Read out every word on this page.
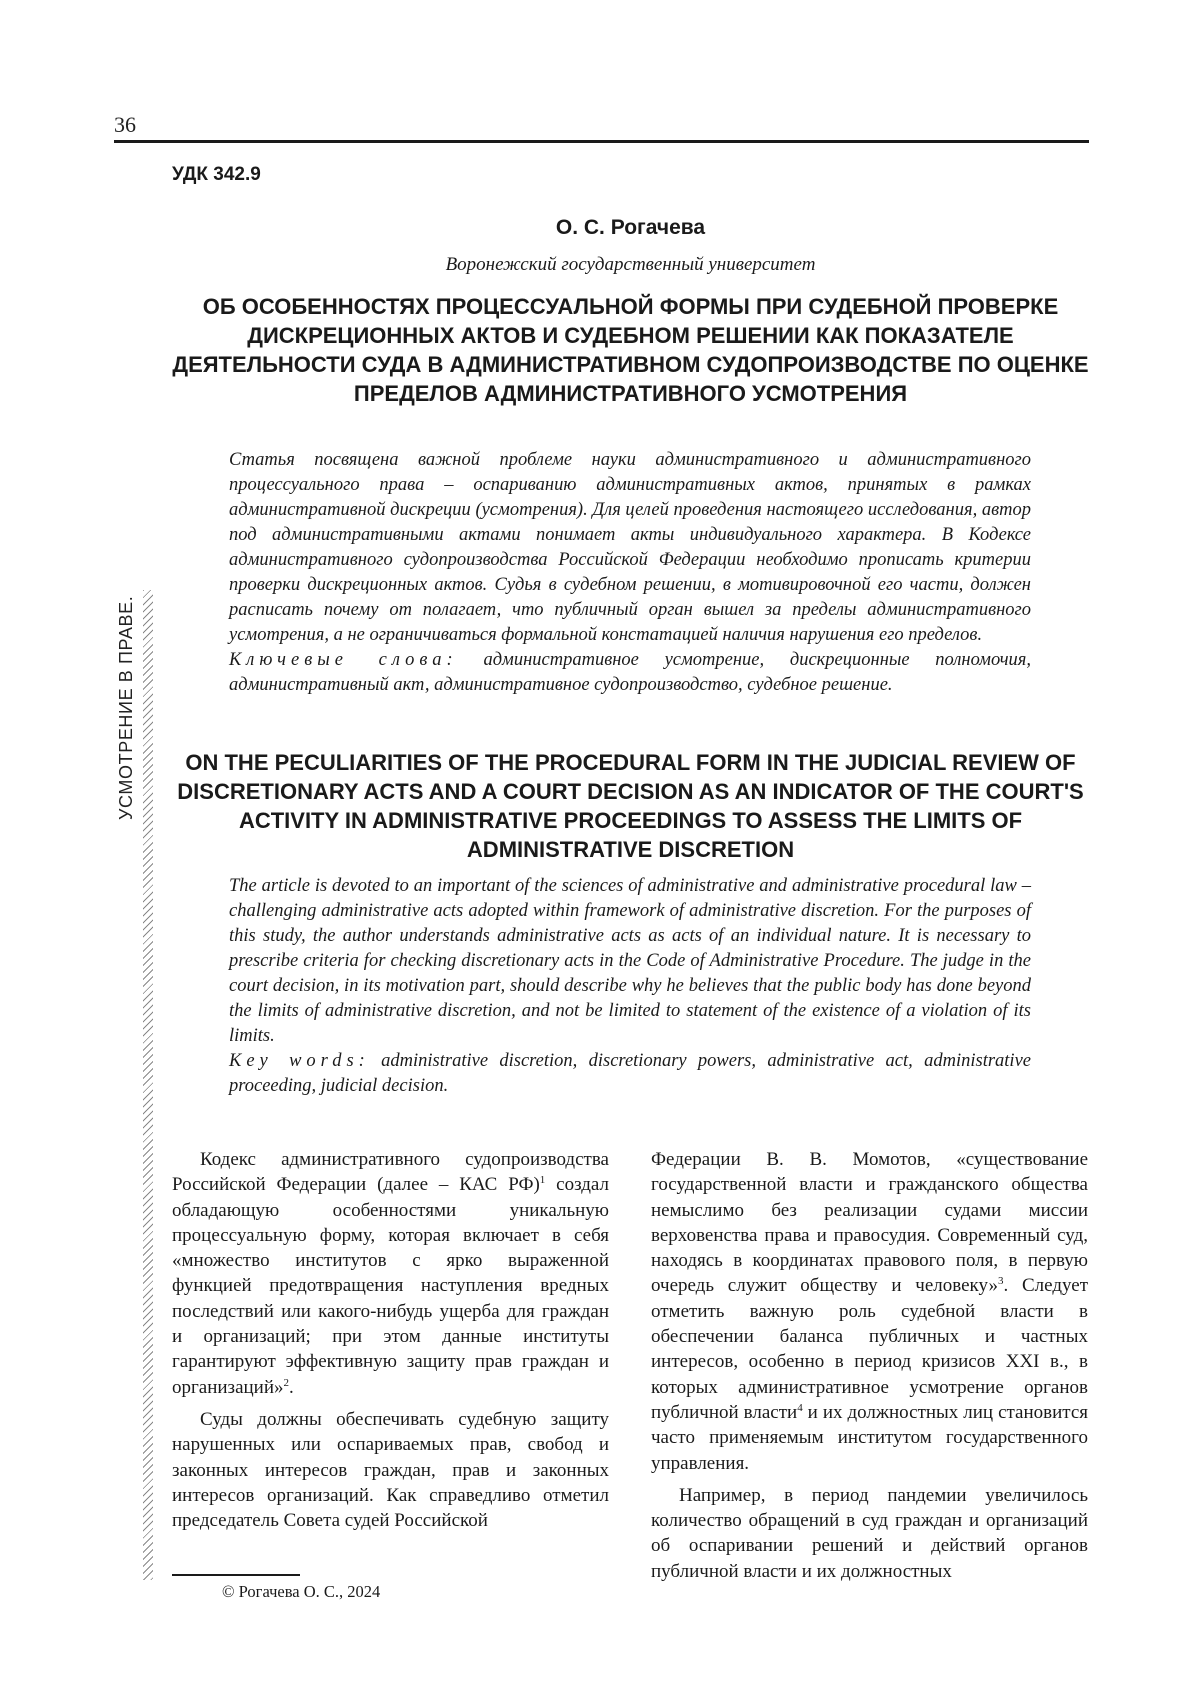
36
УСМОТРЕНИЕ В ПРАВЕ.
УДК 342.9
О. С. Рогачева
Воронежский государственный университет
ОБ ОСОБЕННОСТЯХ ПРОЦЕССУАЛЬНОЙ ФОРМЫ ПРИ СУДЕБНОЙ ПРОВЕРКЕ ДИСКРЕЦИОННЫХ АКТОВ И СУДЕБНОМ РЕШЕНИИ КАК ПОКАЗАТЕЛЕ ДЕЯТЕЛЬНОСТИ СУДА В АДМИНИСТРАТИВНОМ СУДОПРОИЗВОДСТВЕ ПО ОЦЕНКЕ ПРЕДЕЛОВ АДМИНИСТРАТИВНОГО УСМОТРЕНИЯ

Статья посвящена важной проблеме науки административного и административного процессуального права – оспариванию административных актов, принятых в рамках административной дискреции (усмотрения). Для целей проведения настоящего исследования, автор под административными актами понимает акты индивидуального характера. В Кодексе административного судопроизводства Российской Федерации необходимо прописать критерии проверки дискреционных актов. Судья в судебном решении, в мотивировочной его части, должен расписать почему от полагает, что публичный орган вышел за пределы административного усмотрения, а не ограничиваться формальной констатацией наличия нарушения его пределов.

Ключевые слова: административное усмотрение, дискреционные полномочия, административный акт, административное судопроизводство, судебное решение.

ON THE PECULIARITIES OF THE PROCEDURAL FORM IN THE JUDICIAL REVIEW OF DISCRETIONARY ACTS AND A COURT DECISION AS AN INDICATOR OF THE COURT'S ACTIVITY IN ADMINISTRATIVE PROCEEDINGS TO ASSESS THE LIMITS OF ADMINISTRATIVE DISCRETION

The article is devoted to an important of the sciences of administrative and administrative procedural law – challenging administrative acts adopted within framework of administrative discretion. For the purposes of this study, the author understands administrative acts as acts of an individual nature. It is necessary to prescribe criteria for checking discretionary acts in the Code of Administrative Procedure. The judge in the court decision, in its motivation part, should describe why he believes that the public body has done beyond the limits of administrative discretion, and not be limited to statement of the existence of a violation of its limits.

Key words: administrative discretion, discretionary powers, administrative act, administrative proceeding, judicial decision.

Кодекс административного судопроизводства Российской Федерации (далее – КАС РФ)1 создал обладающую особенностями уникальную процессуальную форму, которая включает в себя «множество институтов с ярко выраженной функцией предотвращения наступления вредных последствий или какого-нибудь ущерба для граждан и организаций; при этом данные институты гарантируют эффективную защиту прав граждан и организаций»2.

Суды должны обеспечивать судебную защиту нарушенных или оспариваемых прав, свобод и законных интересов граждан, прав и законных интересов организаций. Как справедливо отметил председатель Совета судей Российской

Федерации В. В. Момотов, «существование государственной власти и гражданского общества немыслимо без реализации судами миссии верховенства права и правосудия. Современный суд, находясь в координатах правового поля, в первую очередь служит обществу и человеку»3. Следует отметить важную роль судебной власти в обеспечении баланса публичных и частных интересов, особенно в период кризисов XXI в., в которых административное усмотрение органов публичной власти4 и их должностных лиц становится часто применяемым институтом государственного управления.

Например, в период пандемии увеличилось количество обращений в суд граждан и организаций об оспаривании решений и действий органов публичной власти и их должностных

© Рогачева О. С., 2024
